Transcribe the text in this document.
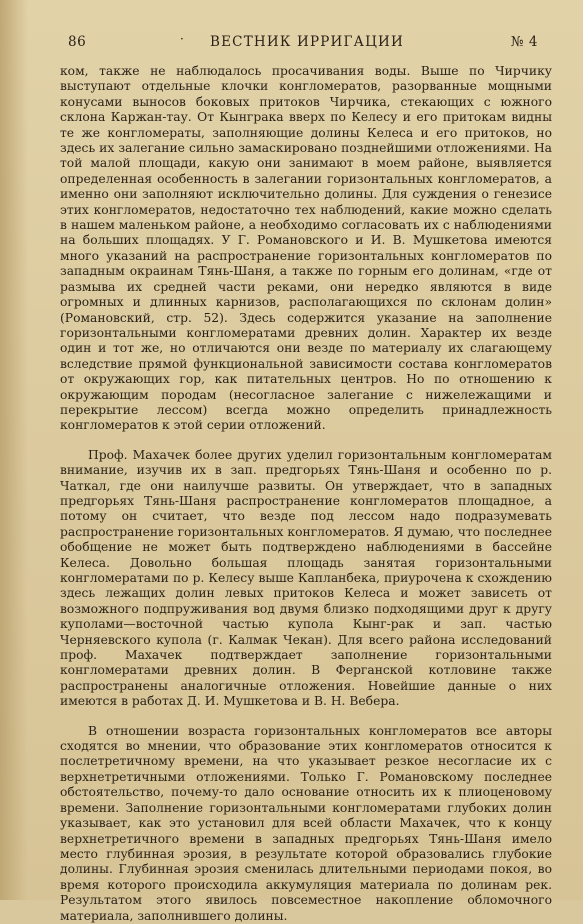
86	· ВЕСТНИК ИРРИГАЦИИ	№ 4

ком, также не наблюдалось просачивания воды. Выше по Чирчику выступают отдельные клочки конгломератов, разорванные мощными конусами выносов боковых притоков Чирчика, стекающих с южного склона Каржан-тау. От Кынграка вверх по Келесу и его притокам видны те же конгломераты, заполняющие долины Келеса и его притоков, но здесь их залегание сильно замаскировано позднейшими отложениями. На той малой площади, какую они занимают в моем районе, выявляется определенная особенность в залегании горизонтальных конгломератов, а именно они заполняют исключительно долины. Для суждения о генезисе этих конгломератов, недостаточно тех наблюдений, какие можно сделать в нашем маленьком районе, а необходимо согласовать их с наблюдениями на больших площадях. У Г. Романовского и И. В. Мушкетова имеются много указаний на распространение горизонтальных конгломератов по западным окраинам Тянь-Шаня, а также по горным его долинам, «где от размыва их средней части реками, они нередко являются в виде огромных и длинных карнизов, располагающихся по склонам долин» (Романовский, стр. 52). Здесь содержится указание на заполнение горизонтальными конгломератами древних долин. Характер их везде один и тот же, но отличаются они везде по материалу их слагающему вследствие прямой функциональной зависимости состава конгломератов от окружающих гор, как питательных центров. Но по отношению к окружающим породам (несогласное залегание с нижележащими и перекрытие лессом) всегда можно определить принадлежность конгломератов к этой серии отложений.

Проф. Махачек более других уделил горизонтальным конгломератам внимание, изучив их в зап. предгорьях Тянь-Шаня и особенно по р. Чаткал, где они наилучше развиты. Он утверждает, что в западных предгорьях Тянь-Шаня распространение конгломератов площадное, а потому он считает, что везде под лессом надо подразумевать распространение горизонтальных конгломератов. Я думаю, что последнее обобщение не может быть подтверждено наблюдениями в бассейне Келеса. Довольно большая площадь занятая горизонтальными конгломератами по р. Келесу выше Капланбека, приурочена к схождению здесь лежащих долин левых притоков Келеса и может зависеть от возможного подпруживания вод двумя близко подходящими друг к другу куполами—восточной частью купола Кынг-рак и зап. частью Черняевского купола (г. Калмак Чекан). Для всего района исследований проф. Махачек подтверждает заполнение горизонтальными конгломератами древних долин. В Ферганской котловине также распространены аналогичные отложения. Новейшие данные о них имеются в работах Д. И. Мушкетова и В. Н. Вебера.

В отношении возраста горизонтальных конгломератов все авторы сходятся во мнении, что образование этих конгломератов относится к послетретичному времени, на что указывает резкое несогласие их с верхнетретичными отложениями. Только Г. Романовскому последнее обстоятельство, почему-то дало основание относить их к плиоценовому времени. Заполнение горизонтальными конгломератами глубоких долин указывает, как это установил для всей области Махачек, что к концу верхнетретичного времени в западных предгорьях Тянь-Шаня имело место глубинная эрозия, в результате которой образовались глубокие долины. Глубинная эрозия сменилась длительными периодами покоя, во время которого происходила аккумуляция материала по долинам рек. Результатом этого явилось повсеместное накопление обломочного материала, заполнившего долины.
